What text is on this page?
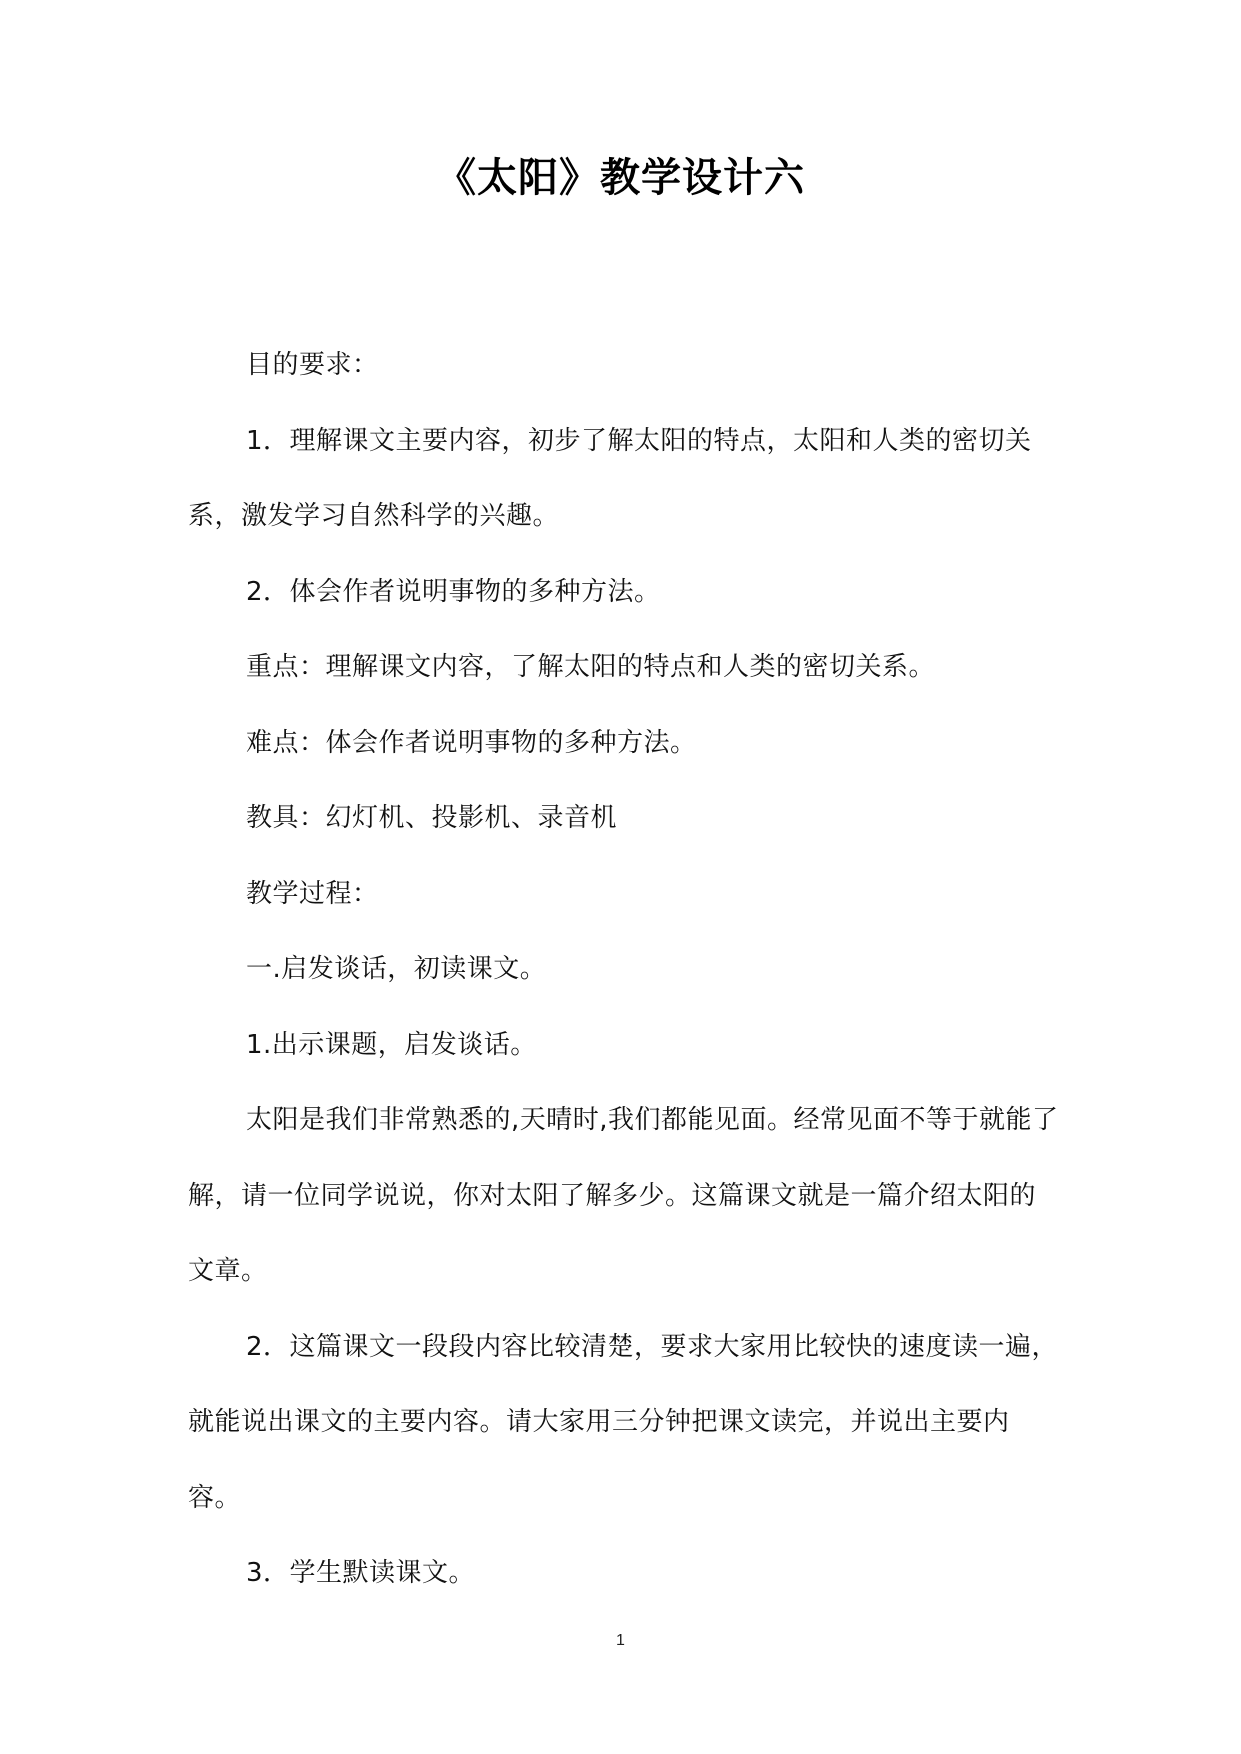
《太阳》教学设计六

目的要求：

1．理解课文主要内容，初步了解太阳的特点，太阳和人类的密切关系，激发学习自然科学的兴趣。

2．体会作者说明事物的多种方法。

重点：理解课文内容，了解太阳的特点和人类的密切关系。

难点：体会作者说明事物的多种方法。

教具：幻灯机、投影机、录音机

教学过程：

一.启发谈话，初读课文。

1.出示课题，启发谈话。

太阳是我们非常熟悉的,天晴时,我们都能见面。经常见面不等于就能了解，请一位同学说说，你对太阳了解多少。这篇课文就是一篇介绍太阳的文章。

2．这篇课文一段段内容比较清楚，要求大家用比较快的速度读一遍，就能说出课文的主要内容。请大家用三分钟把课文读完，并说出主要内容。

3．学生默读课文。

1
